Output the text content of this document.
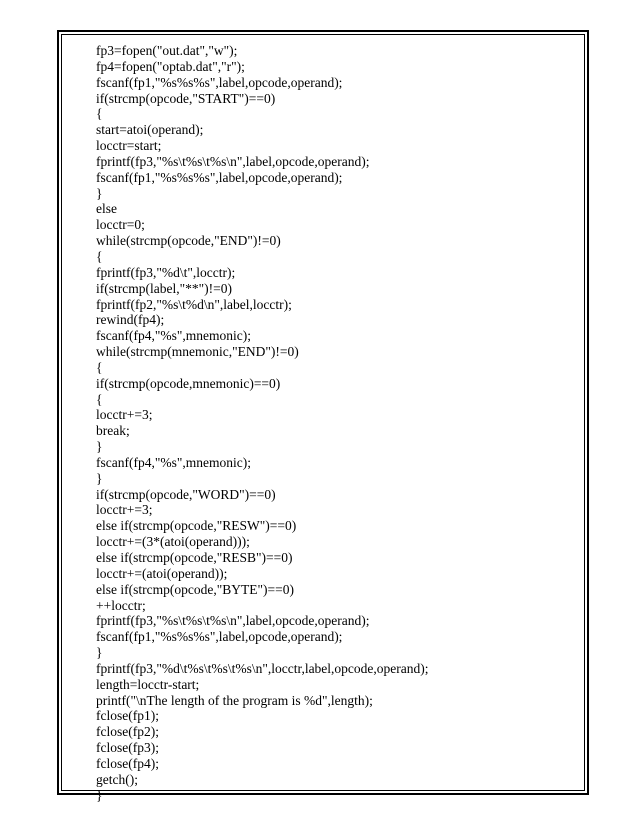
fp3=fopen("out.dat","w");
fp4=fopen("optab.dat","r");
fscanf(fp1,"%s%s%s",label,opcode,operand);
if(strcmp(opcode,"START")==0)
{
start=atoi(operand);
locctr=start;
fprintf(fp3,"%s\t%s\t%s\n",label,opcode,operand);
fscanf(fp1,"%s%s%s",label,opcode,operand);
}
else
locctr=0;
while(strcmp(opcode,"END")!=0)
{
fprintf(fp3,"%d\t",locctr);
if(strcmp(label,"**")!=0)
fprintf(fp2,"%s\t%d\n",label,locctr);
rewind(fp4);
fscanf(fp4,"%s",mnemonic);
while(strcmp(mnemonic,"END")!=0)
{
if(strcmp(opcode,mnemonic)==0)
{
locctr+=3;
break;
}
fscanf(fp4,"%s",mnemonic);
}
if(strcmp(opcode,"WORD")==0)
locctr+=3;
else if(strcmp(opcode,"RESW")==0)
locctr+=(3*(atoi(operand)));
else if(strcmp(opcode,"RESB")==0)
locctr+=(atoi(operand));
else if(strcmp(opcode,"BYTE")==0)
++locctr;
fprintf(fp3,"%s\t%s\t%s\n",label,opcode,operand);
fscanf(fp1,"%s%s%s",label,opcode,operand);
}
fprintf(fp3,"%d\t%s\t%s\t%s\n",locctr,label,opcode,operand);
length=locctr-start;
printf("\nThe length of the program is %d",length);
fclose(fp1);
fclose(fp2);
fclose(fp3);
fclose(fp4);
getch();
}
